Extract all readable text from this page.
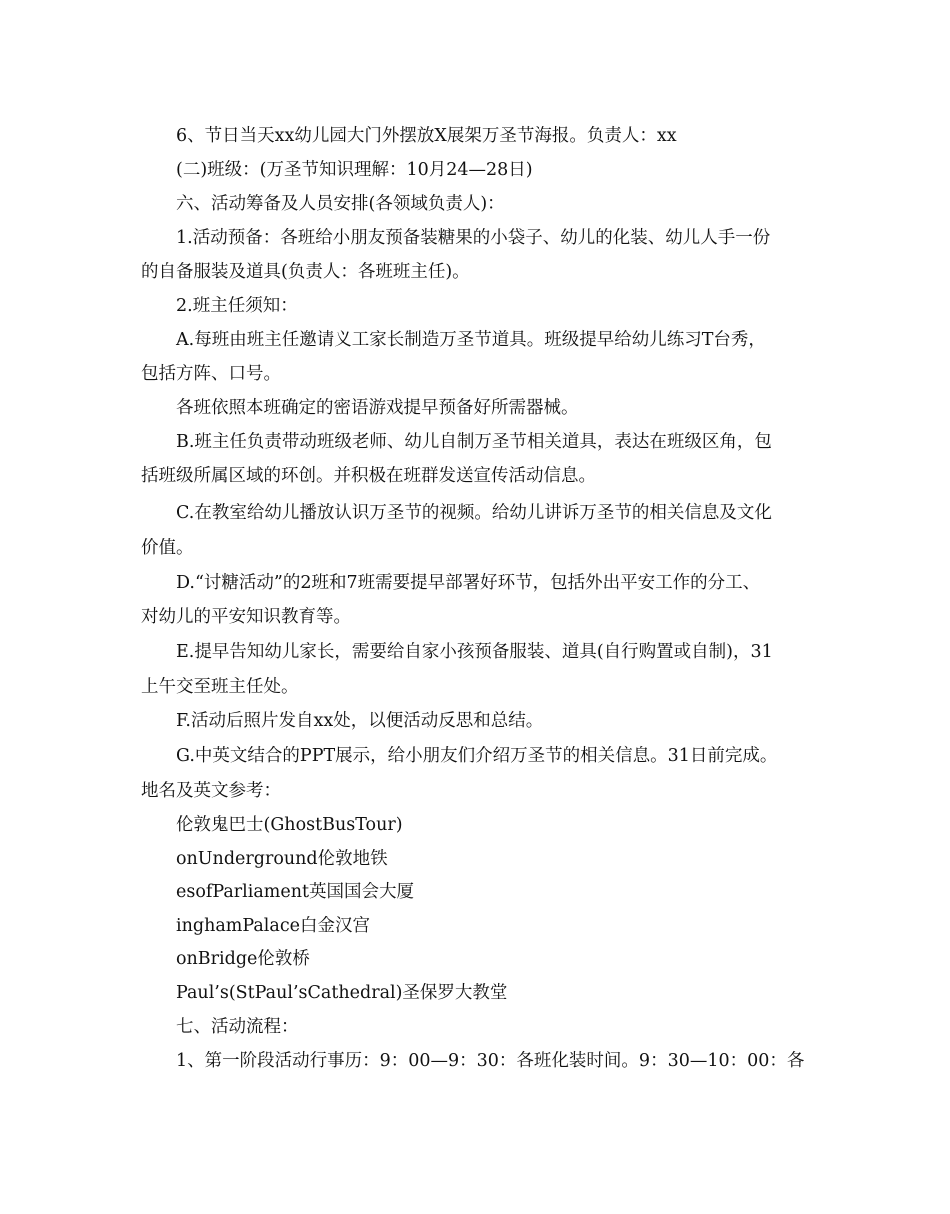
6、节日当天xx幼儿园大门外摆放X展架万圣节海报。负责人：xx
(二)班级：(万圣节知识理解：10月24—28日)
六、活动筹备及人员安排(各领域负责人)：
1.活动预备：各班给小朋友预备装糖果的小袋子、幼儿的化装、幼儿人手一份
的自备服装及道具(负责人：各班班主任)。
2.班主任须知：
A.每班由班主任邀请义工家长制造万圣节道具。班级提早给幼儿练习T台秀，
包括方阵、口号。
各班依照本班确定的密语游戏提早预备好所需器械。
B.班主任负责带动班级老师、幼儿自制万圣节相关道具，表达在班级区角，包
括班级所属区域的环创。并积极在班群发送宣传活动信息。
C.在教室给幼儿播放认识万圣节的视频。给幼儿讲诉万圣节的相关信息及文化
价值。
D.“讨糖活动”的2班和7班需要提早部署好环节，包括外出平安工作的分工、
对幼儿的平安知识教育等。
E.提早告知幼儿家长，需要给自家小孩预备服装、道具(自行购置或自制)，31
上午交至班主任处。
F.活动后照片发自xx处，以便活动反思和总结。
G.中英文结合的PPT展示，给小朋友们介绍万圣节的相关信息。31日前完成。
地名及英文参考：
伦敦鬼巴士(GhostBusTour)
onUnderground伦敦地铁
esofParliament英国国会大厦
inghamPalace白金汉宫
onBridge伦敦桥
Paul’s(StPaul’sCathedral)圣保罗大教堂
七、活动流程：
1、第一阶段活动行事历：9：00—9：30：各班化装时间。9：30—10：00：各
